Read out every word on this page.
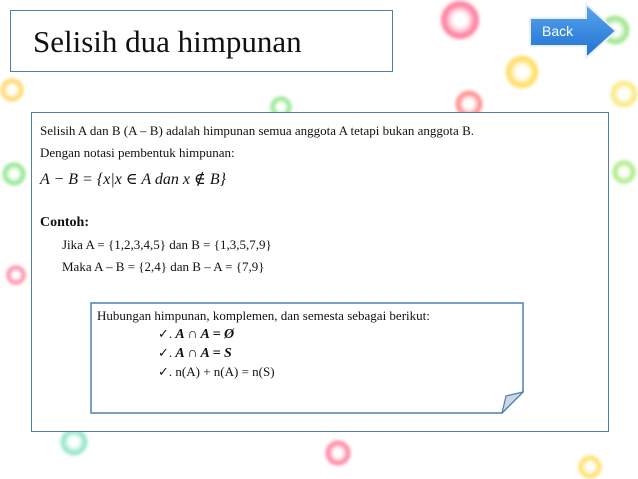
Selisih dua himpunan	Back
Selisih A dan B (A – B) adalah himpunan semua anggota A tetapi bukan anggota B.
Dengan notasi pembentuk himpunan:
A − B = {x|x ∈ A dan x ∉ B}
Contoh:
Jika A = {1,2,3,4,5} dan B = {1,3,5,7,9}
Maka A – B = {2,4} dan B – A = {7,9}
Hubungan himpunan, komplemen, dan semesta sebagai berikut:
✓. A ∩ A = Ø
✓. A ∩ A = S
✓. n(A) + n(A) = n(S)
